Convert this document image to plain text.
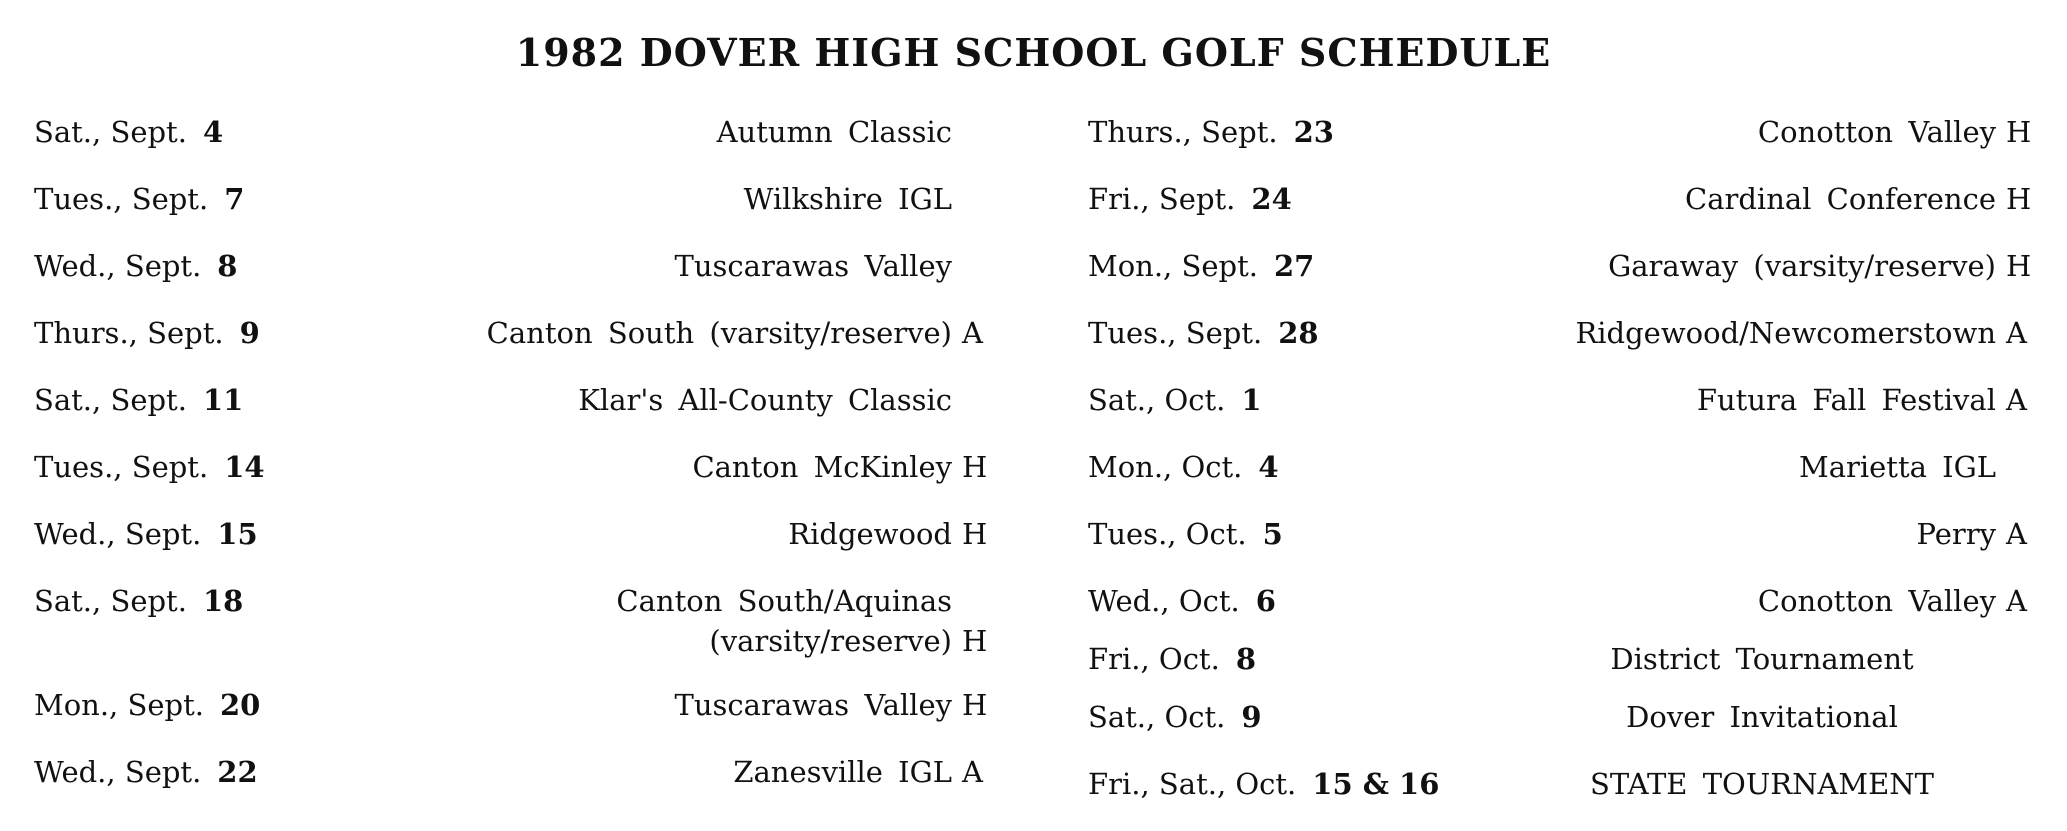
1982 DOVER HIGH SCHOOL GOLF SCHEDULE
Sat., Sept. 4	Autumn Classic
Tues., Sept. 7	Wilkshire IGL
Wed., Sept. 8	Tuscarawas Valley
Thurs., Sept. 9	Canton South (varsity/reserve) A
Sat., Sept. 11	Klar's All-County Classic
Tues., Sept. 14	Canton McKinley H
Wed., Sept. 15	Ridgewood H
Sat., Sept. 18	Canton South/Aquinas
(varsity/reserve)
H
Mon., Sept. 20	Tuscarawas Valley H
Wed., Sept. 22	Zanesville IGL A
Thurs., Sept. 23	Conotton Valley H
Fri., Sept. 24	Cardinal Conference H
Mon., Sept. 27	Garaway (varsity/reserve) H
Tues., Sept. 28	Ridgewood/Newcomerstown A
Sat., Oct. 1	Futura Fall Festival A
Mon., Oct. 4	Marietta IGL
Tues., Oct. 5	Perry A
Wed., Oct. 6	Conotton Valley A
Fri., Oct. 8	District Tournament
Sat., Oct. 9	Dover Invitational
Fri., Sat., Oct. 15 & 16	STATE TOURNAMENT
